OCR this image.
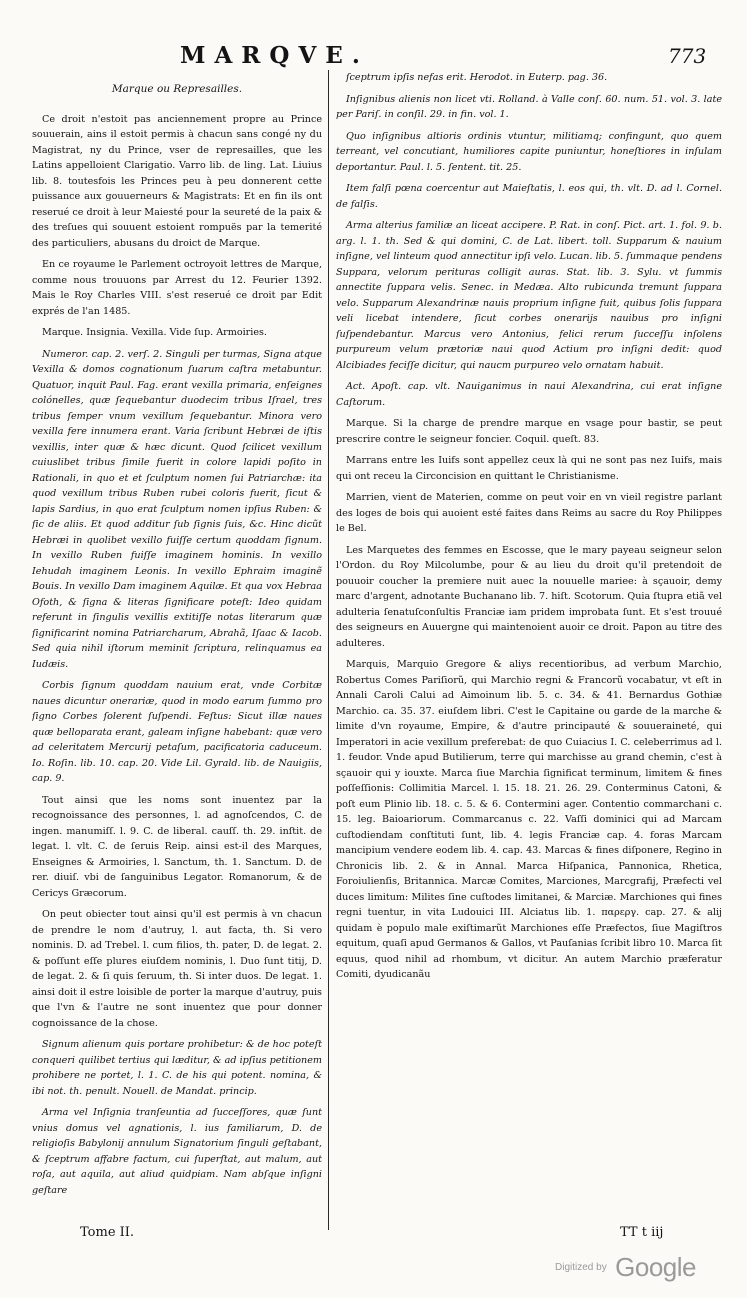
MARQVE.	773

Marque ou Represailles.

Ce droit n'estoit pas anciennement propre au Prince souuerain, ains il estoit permis à chacun sans congé ny du Magistrat, ny du Prince, vser de represailles, que les Latins appelloient Clarigatio. Varro lib. de ling. Lat. Liuius lib. 8. toutesfois les Princes peu à peu donnerent cette puissance aux gouuerneurs & Magistrats: Et en fin ils ont reserué ce droit à leur Maiesté pour la seureté de la paix & des treſues qui souuent estoient rompuës par la temerité des particuliers, abusans du droict de Marque.

En ce royaume le Parlement octroyoit lettres de Marque, comme nous trouuons par Arrest du 12. Feurier 1392. Mais le Roy Charles VIII. s'est reserué ce droit par Edit exprés de l'an 1485.

Marque. Insignia. Vexilla. Vide ſup. Armoiries.

Numeror. cap. 2. verſ. 2. Singuli per turmas, Signa atque Vexilla & domos cognationum ſuarum caſtra metabuntur. Quatuor, inquit Paul. Fag. erant vexilla primaria, enſeignes colónelles, quæ ſequebantur duodecim tribus Iſrael, tres tribus ſemper vnum vexillum ſequebantur. Minora vero vexilla fere innumera erant. Varia ſcribunt Hebræi de iſtis vexillis, inter quæ & hæc dicunt. Quod ſcilicet vexillum cuiuslibet tribus ſimile fuerit in colore lapidi poſito in Rationali, in quo et et ſculptum nomen ſui Patriarchæ: ita quod vexillum tribus Ruben rubei coloris fuerit, ſicut & lapis Sardius, in quo erat ſculptum nomen ipſius Ruben: & ſic de aliis. Et quod additur ſub ſignis ſuis, &c. Hinc dicũt Hebræi in quolibet vexillo fuiſſe certum quoddam ſignum. In vexillo Ruben fuiſſe imaginem hominis. In vexillo Iehudah imaginem Leonis. In vexillo Ephraim imaginẽ Bouis. In vexillo Dam imaginem Aquilæ. Et qua vox Hebraa Ofoth, & ſigna & literas ſignificare poteſt: Ideo quidam referunt in ſingulis vexillis extitiſſe notas literarum quæ ſignificarint nomina Patriarcharum, Abrahã, Iſaac & Iacob. Sed quia nihil iſtorum meminit ſcriptura, relinquamus ea Iudæis.

Corbis ſignum quoddam nauium erat, vnde Corbitæ naues dicuntur onerariæ, quod in modo earum ſummo pro ſigno Corbes ſolerent ſuſpendi. Feſtus: Sicut illæ naues quæ belloparata erant, galeam inſigne habebant: quæ vero ad celeritatem Mercurij petaſum, pacificatoria caduceum. Io. Roſin. lib. 10. cap. 20. Vide Lil. Gyrald. lib. de Nauigiis, cap. 9.

Tout ainsi que les noms sont inuentez par la recognoissance des personnes, l. ad agnoſcendos, C. de ingen. manumiſſ. l. 9. C. de liberal. cauſſ. th. 29. inſtit. de legat. l. vlt. C. de ſeruis Reip. ainsi est-il des Marques, Enseignes & Armoiries, l. Sanctum, th. 1. Sanctum. D. de rer. diuiſ. vbi de ſanguinibus Legator. Romanorum, & de Cericys Græcorum.

On peut obiecter tout ainsi qu'il est permis à vn chacun de prendre le nom d'autruy, l. aut facta, th. Si vero nominis. D. ad Trebel. l. cum filios, th. pater, D. de legat. 2. & poſſunt eſſe plures eiuſdem nominis, l. Duo ſunt titij, D. de legat. 2. & ſi quis ſeruum, th. Si inter duos. De legat. 1. ainsi doit il estre loisible de porter la marque d'autruy, puis que l'vn & l'autre ne sont inuentez que pour donner cognoissance de la chose.

Signum alienum quis portare prohibetur: & de hoc poteſt conqueri quilibet tertius qui læditur, & ad ipſius petitionem prohibere ne portet, l. 1. C. de his qui potent. nomina, & ibi not. th. penult. Nouell. de Mandat. princip.

Arma vel Inſignia tranſeuntia ad ſucceſſores, quæ ſunt vnius domus vel agnationis, l. ius familiarum, D. de religioſis Babylonij annulum Signatorium ſinguli geſtabant, & ſceptrum affabre factum, cui ſuperſtat, aut malum, aut roſa, aut aquila, aut aliud quidpiam. Nam abſque inſigni geſtare

ſceptrum ipſis nefas erit. Herodot. in Euterp. pag. 36.

Inſignibus alienis non licet vti. Rolland. à Valle conſ. 60. num. 51. vol. 3. late per Pariſ. in conſil. 29. in fin. vol. 1.

Quo inſignibus altioris ordinis vtuntur, militiamq; confingunt, quo quem terreant, vel concutiant, humiliores capite puniuntur, honeſtiores in inſulam deportantur. Paul. l. 5. ſentent. tit. 25.

Item falſi pœna coercentur aut Maieſtatis, l. eos qui, th. vlt. D. ad l. Cornel. de falſis.

Arma alterius familiæ an liceat accipere. P. Rat. in conſ. Pict. art. 1. fol. 9. b. arg. l. 1. th. Sed & qui domini, C. de Lat. libert. toll. Supparum & nauium inſigne, vel linteum quod annectitur ipſi velo. Lucan. lib. 5. ſummaque pendens Suppara, velorum perituras colligit auras. Stat. lib. 3. Sylu. vt ſummis annectite ſuppara velis. Senec. in Medæa. Alto rubicunda tremunt ſuppara velo. Supparum Alexandrinæ nauis proprium inſigne fuit, quibus ſolis ſuppara veli licebat intendere, ſicut corbes onerarijs nauibus pro inſigni ſuſpendebantur. Marcus vero Antonius, felici rerum ſucceſſu inſolens purpureum velum prætoriæ naui quod Actium pro inſigni dedit: quod Alcibiades feciſſe dicitur, qui naucm purpureo velo ornatam habuit.

Act. Apoſt. cap. vlt. Nauiganimus in naui Alexandrina, cui erat inſigne Caſtorum.

Marque. Si la charge de prendre marque en vsage pour bastir, se peut prescrire contre le seigneur foncier. Coquil. queſt. 83.

Marrans entre les Iuifs sont appellez ceux là qui ne sont pas nez Iuifs, mais qui ont receu la Circoncision en quittant le Christianisme.

Marrien, vient de Materien, comme on peut voir en vn vieil registre parlant des loges de bois qui auoient esté faites dans Reims au sacre du Roy Philippes le Bel.

Les Marquetes des femmes en Escosse, que le mary payeau seigneur selon l'Ordon. du Roy Milcolumbe, pour & au lieu du droit qu'il pretendoit de pouuoir coucher la premiere nuit auec la nouuelle mariee: à sçauoir, demy marc d'argent, adnotante Buchanano lib. 7. hiſt. Scotorum. Quia ſtupra etiã vel adulteria ſenatuſconſultis Franciæ iam pridem improbata ſunt. Et s'est trouué des seigneurs en Auuergne qui maintenoient auoir ce droit. Papon au titre des adulteres.

Marquis, Marquio Gregore & aliys recentioribus, ad verbum Marchio, Robertus Comes Pariſiorũ, qui Marchio regni & Francorũ vocabatur, vt eſt in Annali Caroli Calui ad Aimoinum lib. 5. c. 34. & 41. Bernardus Gothiæ Marchio. ca. 35. 37. eiuſdem libri. C'est le Capitaine ou garde de la marche & limite d'vn royaume, Empire, & d'autre principauté & souueraineté, qui Imperatori in acie vexillum preferebat: de quo Cuiacius I. C. celeberrimus ad l. 1. feudor. Vnde apud Butilierum, terre qui marchisse au grand chemin, c'est à sçauoir qui y iouxte. Marca ſiue Marchia ſignificat terminum, limitem & fines poſſeſſionis: Collimitia Marcel. l. 15. 18. 21. 26. 29. Conterminus Catoni, & poſt eum Plinio lib. 18. c. 5. & 6. Contermini ager. Contentio commarchani c. 15. leg. Baioariorum. Commarcanus c. 22. Vaſſi dominici qui ad Marcam cuſtodiendam conſtituti ſunt, lib. 4. legis Franciæ cap. 4. foras Marcam mancipium vendere eodem lib. 4. cap. 43. Marcas & fines diſponere, Regino in Chronicis lib. 2. & in Annal. Marca Hiſpanica, Pannonica, Rhetica, Foroiulienſis, Britannica. Marcæ Comites, Marciones, Marcgrafij, Præfecti vel duces limitum: Milites ſine cuſtodes limitanei, & Marciæ. Marchiones qui fines regni tuentur, in vita Ludouici III. Alciatus lib. 1. παρεργ. cap. 27. & alij quidam è populo male exiſtimarũt Marchiones eſſe Præfectos, ſiue Magiſtros equitum, quaſi apud Germanos & Gallos, vt Pauſanias ſcribit libro 10. Marca ſit equus, quod nihil ad rhombum, vt dicitur. An autem Marchio præferatur Comiti, dyudicanãu

Tome II.	TT t iij
Digitized by Google
